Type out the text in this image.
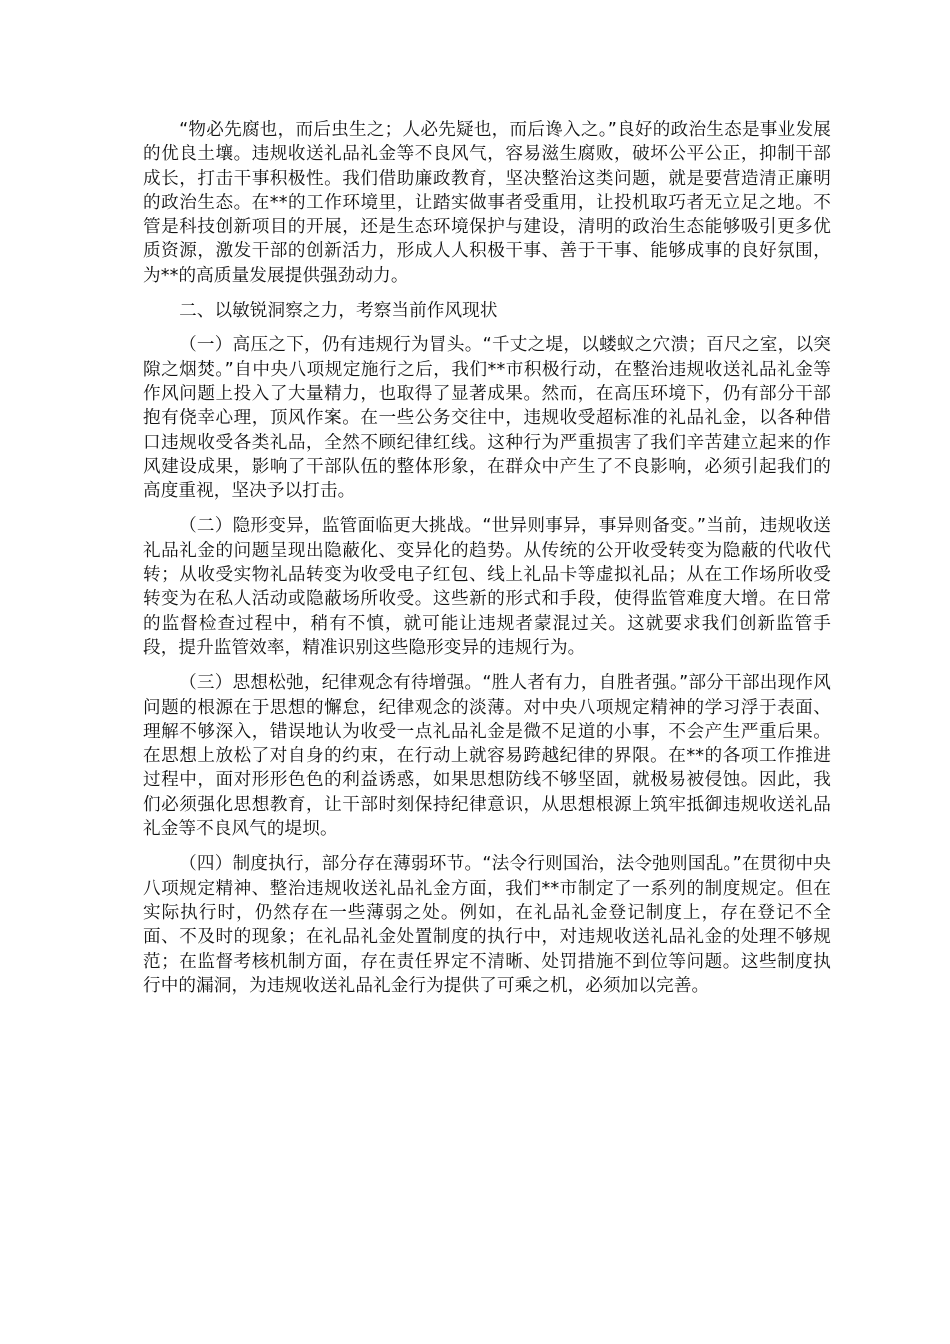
“物必先腐也，而后虫生之；人必先疑也，而后谗入之。”良好的政治生态是事业发展的优良土壤。违规收送礼品礼金等不良风气，容易滋生腐败，破坏公平公正，抑制干部成长，打击干事积极性。我们借助廉政教育，坚决整治这类问题，就是要营造清正廉明的政治生态。在**的工作环境里，让踏实做事者受重用，让投机取巧者无立足之地。不管是科技创新项目的开展，还是生态环境保护与建设，清明的政治生态能够吸引更多优质资源，激发干部的创新活力，形成人人积极干事、善于干事、能够成事的良好氛围，为**的高质量发展提供强劲动力。

二、以敏锐洞察之力，考察当前作风现状

（一）高压之下，仍有违规行为冒头。“千丈之堤，以蝼蚁之穴溃；百尺之室，以突隙之烟焚。”自中央八项规定施行之后，我们**市积极行动，在整治违规收送礼品礼金等作风问题上投入了大量精力，也取得了显著成果。然而，在高压环境下，仍有部分干部抱有侥幸心理，顶风作案。在一些公务交往中，违规收受超标准的礼品礼金，以各种借口违规收受各类礼品，全然不顾纪律红线。这种行为严重损害了我们辛苦建立起来的作风建设成果，影响了干部队伍的整体形象，在群众中产生了不良影响，必须引起我们的高度重视，坚决予以打击。

（二）隐形变异，监管面临更大挑战。“世异则事异，事异则备变。”当前，违规收送礼品礼金的问题呈现出隐蔽化、变异化的趋势。从传统的公开收受转变为隐蔽的代收代转；从收受实物礼品转变为收受电子红包、线上礼品卡等虚拟礼品；从在工作场所收受转变为在私人活动或隐蔽场所收受。这些新的形式和手段，使得监管难度大增。在日常的监督检查过程中，稍有不慎，就可能让违规者蒙混过关。这就要求我们创新监管手段，提升监管效率，精准识别这些隐形变异的违规行为。

（三）思想松弛，纪律观念有待增强。“胜人者有力，自胜者强。”部分干部出现作风问题的根源在于思想的懈怠，纪律观念的淡薄。对中央八项规定精神的学习浮于表面、理解不够深入，错误地认为收受一点礼品礼金是微不足道的小事，不会产生严重后果。在思想上放松了对自身的约束，在行动上就容易跨越纪律的界限。在**的各项工作推进过程中，面对形形色色的利益诱惑，如果思想防线不够坚固，就极易被侵蚀。因此，我们必须强化思想教育，让干部时刻保持纪律意识，从思想根源上筑牢抵御违规收送礼品礼金等不良风气的堤坝。

（四）制度执行，部分存在薄弱环节。“法令行则国治，法令弛则国乱。”在贯彻中央八项规定精神、整治违规收送礼品礼金方面，我们**市制定了一系列的制度规定。但在实际执行时，仍然存在一些薄弱之处。例如，在礼品礼金登记制度上，存在登记不全面、不及时的现象；在礼品礼金处置制度的执行中，对违规收送礼品礼金的处理不够规范；在监督考核机制方面，存在责任界定不清晰、处罚措施不到位等问题。这些制度执行中的漏洞，为违规收送礼品礼金行为提供了可乘之机，必须加以完善。
